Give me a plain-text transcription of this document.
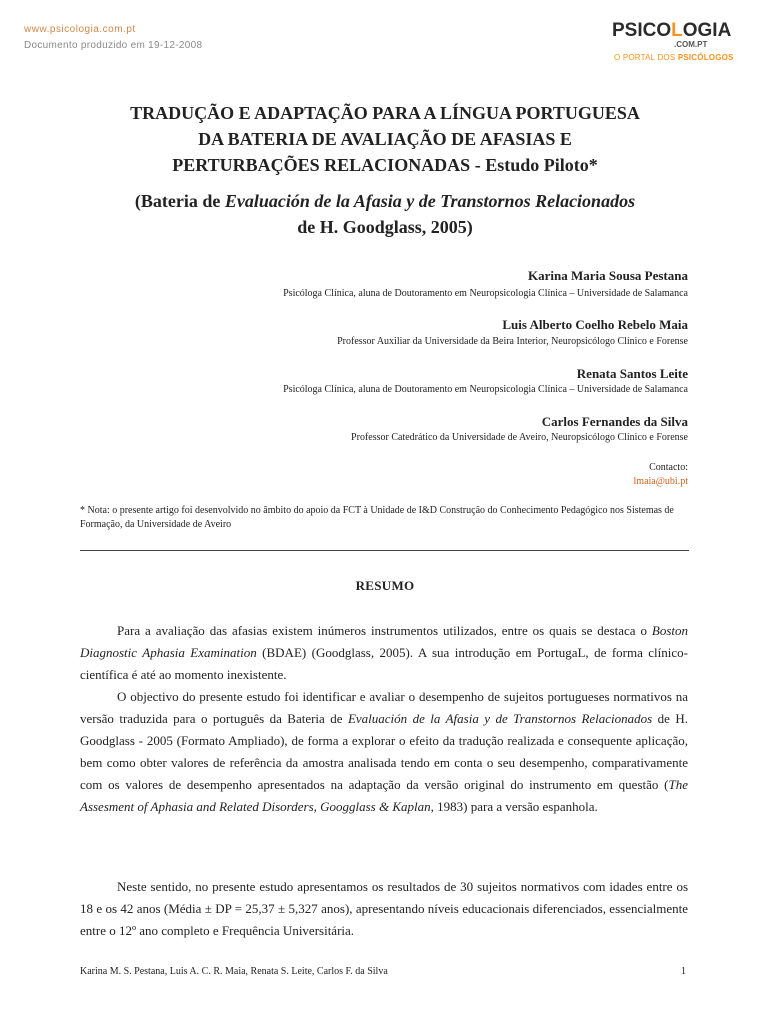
www.psicologia.com.pt
Documento produzido em 19-12-2008
PSICOLOGIA
.COM.PT
O PORTAL DOS PSICÓLOGOS
TRADUÇÃO E ADAPTAÇÃO PARA A LÍNGUA PORTUGUESA
DA BATERIA DE AVALIAÇÃO DE AFASIAS E
PERTURBAÇÕES RELACIONADAS - Estudo Piloto*
(Bateria de Evaluación de la Afasia y de Transtornos Relacionados
de H. Goodglass, 2005)
Karina Maria Sousa Pestana
Psicóloga Clínica, aluna de Doutoramento em Neuropsicologia Clínica – Universidade de Salamanca
Luis Alberto Coelho Rebelo Maia
Professor Auxiliar da Universidade da Beira Interior, Neuropsicólogo Clínico e Forense
Renata Santos Leite
Psicóloga Clínica, aluna de Doutoramento em Neuropsicologia Clínica – Universidade de Salamanca
Carlos Fernandes da Silva
Professor Catedrático da Universidade de Aveiro, Neuropsicólogo Clínico e Forense
Contacto:
lmaia@ubi.pt
* Nota: o presente artigo foi desenvolvido no âmbito do apoio da FCT à Unidade de I&D Construção do Conhecimento Pedagógico nos Sistemas de Formação, da Universidade de Aveiro
RESUMO
Para a avaliação das afasias existem inúmeros instrumentos utilizados, entre os quais se destaca o Boston Diagnostic Aphasia Examination (BDAE) (Goodglass, 2005). A sua introdução em PortugaL, de forma clínico-científica é até ao momento inexistente.
O objectivo do presente estudo foi identificar e avaliar o desempenho de sujeitos portugueses normativos na versão traduzida para o português da Bateria de Evaluación de la Afasia y de Transtornos Relacionados de H. Goodglass - 2005 (Formato Ampliado), de forma a explorar o efeito da tradução realizada e consequente aplicação, bem como obter valores de referência da amostra analisada tendo em conta o seu desempenho, comparativamente com os valores de desempenho apresentados na adaptação da versão original do instrumento em questão (The Assesment of Aphasia and Related Disorders, Googglass & Kaplan, 1983) para a versão espanhola.
Neste sentido, no presente estudo apresentamos os resultados de 30 sujeitos normativos com idades entre os 18 e os 42 anos (Média ± DP = 25,37 ± 5,327 anos), apresentando níveis educacionais diferenciados, essencialmente entre o 12º ano completo e Frequência Universitária.
Karina M. S. Pestana, Luis A. C. R. Maia, Renata S. Leite, Carlos F. da Silva	1
